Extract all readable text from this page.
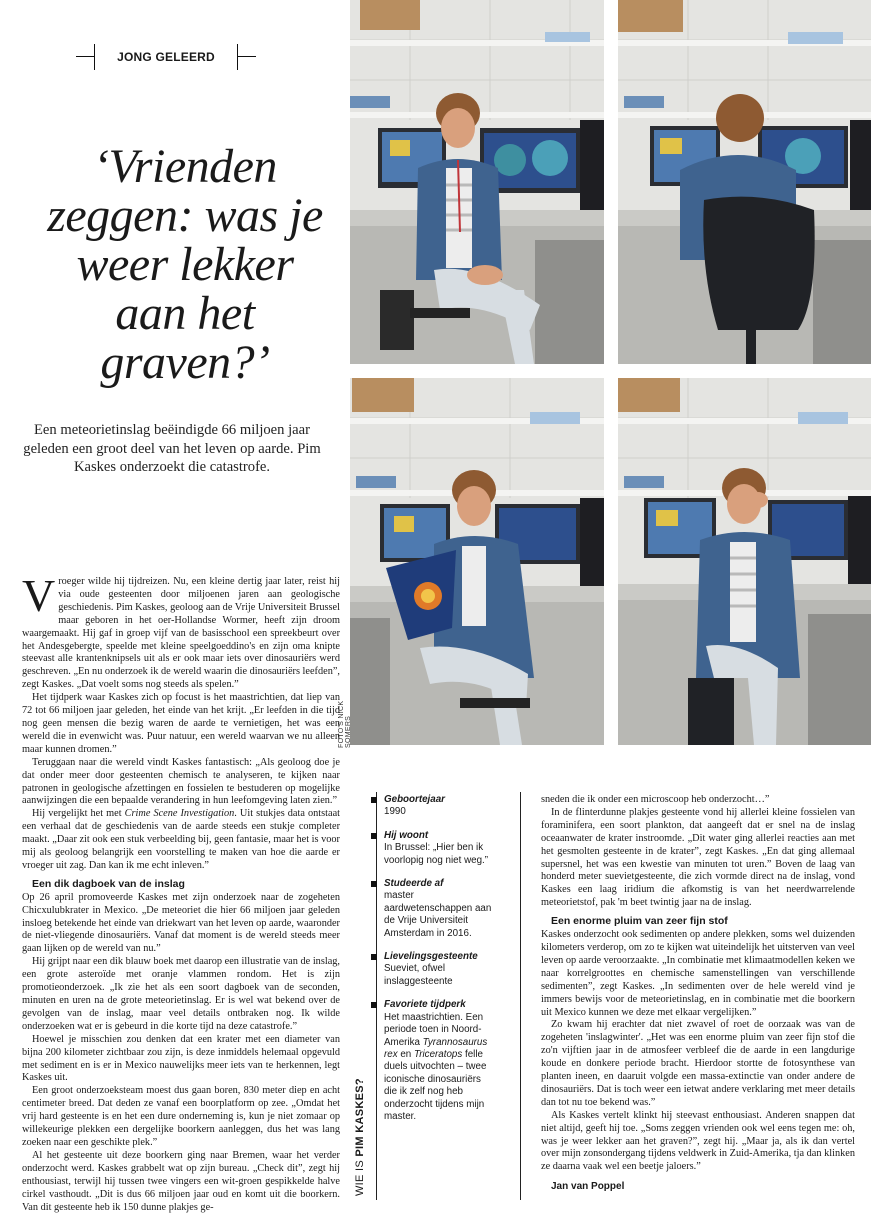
JONG GELEERD
‘Vrienden zeggen: was je weer lekker aan het graven?’

Een meteorietinslag beëindigde 66 miljoen jaar geleden een groot deel van het leven op aarde. Pim Kaskes onderzoekt die catastrofe.

FOTO'S NICK SOMERS

Vroeger wilde hij tijdreizen. Nu, een kleine dertig jaar later, reist hij via oude gesteenten door miljoenen jaren aan geologische geschiedenis. Pim Kaskes, geoloog aan de Vrije Universiteit Brussel maar geboren in het oer-Hollandse Wormer, heeft zijn droom waargemaakt. Hij gaf in groep vijf van de basisschool een spreekbeurt over het Andesgebergte, speelde met kleine speelgoeddino's en zijn oma knipte steevast alle krantenknipsels uit als er ook maar iets over dinosauriërs werd geschreven. „En nu onderzoek ik de wereld waarin die dinosauriërs leefden”, zegt Kaskes. „Dat voelt soms nog steeds als spelen.”

Het tijdperk waar Kaskes zich op focust is het maastrichtien, dat liep van 72 tot 66 miljoen jaar geleden, het einde van het krijt. „Er leefden in die tijd nog geen mensen die bezig waren de aarde te vernietigen, het was een wereld die in evenwicht was. Puur natuur, een wereld waarvan we nu alleen maar kunnen dromen.”

Teruggaan naar die wereld vindt Kaskes fantastisch: „Als geoloog doe je dat onder meer door gesteenten chemisch te analyseren, te kijken naar patronen in geologische afzettingen en fossielen te bestuderen op mogelijke aanwijzingen die een bepaalde verandering in hun leefomgeving laten zien.”

Hij vergelijkt het met Crime Scene Investigation. Uit stukjes data ontstaat een verhaal dat de geschiedenis van de aarde steeds een stukje completer maakt. „Daar zit ook een stuk verbeelding bij, geen fantasie, maar het is voor mij als geoloog belangrijk een voorstelling te maken van hoe die aarde er vroeger uit zag. Dan kan ik me echt inleven.”

Een dik dagboek van de inslag

Op 26 april promoveerde Kaskes met zijn onderzoek naar de zogeheten Chicxulubkrater in Mexico. „De meteoriet die hier 66 miljoen jaar geleden insloeg betekende het einde van driekwart van het leven op aarde, waaronder de niet-vliegende dinosauriërs. Vanaf dat moment is de wereld steeds meer gaan lijken op de wereld van nu.”

Hij grijpt naar een dik blauw boek met daarop een illustratie van de inslag, een grote asteroïde met oranje vlammen rondom. Het is zijn promotieonderzoek. „Ik zie het als een soort dagboek van de seconden, minuten en uren na de grote meteorietinslag. Er is wel wat bekend over de gevolgen van de inslag, maar veel details ontbraken nog. Ik wilde onderzoeken wat er is gebeurd in die korte tijd na deze catastrofe.”

Hoewel je misschien zou denken dat een krater met een diameter van bijna 200 kilometer zichtbaar zou zijn, is deze inmiddels helemaal opgevuld met sediment en is er in Mexico nauwelijks meer iets van te herkennen, legt Kaskes uit.

Een groot onderzoeksteam moest dus gaan boren, 830 meter diep en acht centimeter breed. Dat deden ze vanaf een boorplatform op zee. „Omdat het vrij hard gesteente is en het een dure onderneming is, kun je niet zomaar op willekeurige plekken een dergelijke boorkern aanleggen, dus het was lang zoeken naar een geschikte plek.”

Al het gesteente uit deze boorkern ging naar Bremen, waar het verder onderzocht werd. Kaskes grabbelt wat op zijn bureau. „Check dit”, zegt hij enthousiast, terwijl hij tussen twee vingers een wit-groen gespikkelde halve cirkel vasthoudt. „Dit is dus 66 miljoen jaar oud en komt uit die boorkern. Van dit gesteente heb ik 150 dunne plakjes ge-

WIE IS PIM KASKES?
Geboortejaar
1990
Hij woont
In Brussel: „Hier ben ik voorlopig nog niet weg.”
Studeerde af
master aardwetenschappen aan de Vrije Universiteit Amsterdam in 2016.
Lievelingsgesteente
Sueviet, ofwel inslaggesteente
Favoriete tijdperk
Het maastrichtien. Een periode toen in Noord-Amerika Tyrannosaurus rex en Triceratops felle duels uitvochten – twee iconische dinosauriërs die ik zelf nog heb onderzocht tijdens mijn master.

sneden die ik onder een microscoop heb onderzocht…”

In de flinterdunne plakjes gesteente vond hij allerlei kleine fossielen van foraminifera, een soort plankton, dat aangeeft dat er snel na de inslag oceaanwater de krater instroomde. „Dit water ging allerlei reacties aan met het gesmolten gesteente in de krater”, zegt Kaskes. „En dat ging allemaal supersnel, het was een kwestie van minuten tot uren.” Boven de laag van honderd meter suevietgesteente, die zich vormde direct na de inslag, vond Kaskes een laag iridium die afkomstig is van het neerdwarrelende meteorietstof, pak 'm beet twintig jaar na de inslag.

Een enorme pluim van zeer fijn stof

Kaskes onderzocht ook sedimenten op andere plekken, soms wel duizenden kilometers verderop, om zo te kijken wat uiteindelijk het uitsterven van veel leven op aarde veroorzaakte. „In combinatie met klimaatmodellen keken we naar korrelgroottes en chemische samenstellingen van verschillende sedimenten”, zegt Kaskes. „In sedimenten over de hele wereld vind je immers bewijs voor de meteorietinslag, en in combinatie met die boorkern uit Mexico kunnen we deze met elkaar vergelijken.”

Zo kwam hij erachter dat niet zwavel of roet de oorzaak was van de zogeheten 'inslagwinter'. „Het was een enorme pluim van zeer fijn stof die zo'n vijftien jaar in de atmosfeer verbleef die de aarde in een langdurige koude en donkere periode bracht. Hierdoor stortte de fotosynthese van planten ineen, en daaruit volgde een massa-extinctie van onder andere de dinosauriërs. Dat is toch weer een ietwat andere verklaring met meer details dan tot nu toe bekend was.”

Als Kaskes vertelt klinkt hij steevast enthousiast. Anderen snappen dat niet altijd, geeft hij toe. „Soms zeggen vrienden ook wel eens tegen me: oh, was je weer lekker aan het graven?”, zegt hij. „Maar ja, als ik dan vertel over mijn zonsondergang tijdens veldwerk in Zuid-Amerika, tja dan klinken ze daarna vaak wel een beetje jaloers.”

Jan van Poppel
